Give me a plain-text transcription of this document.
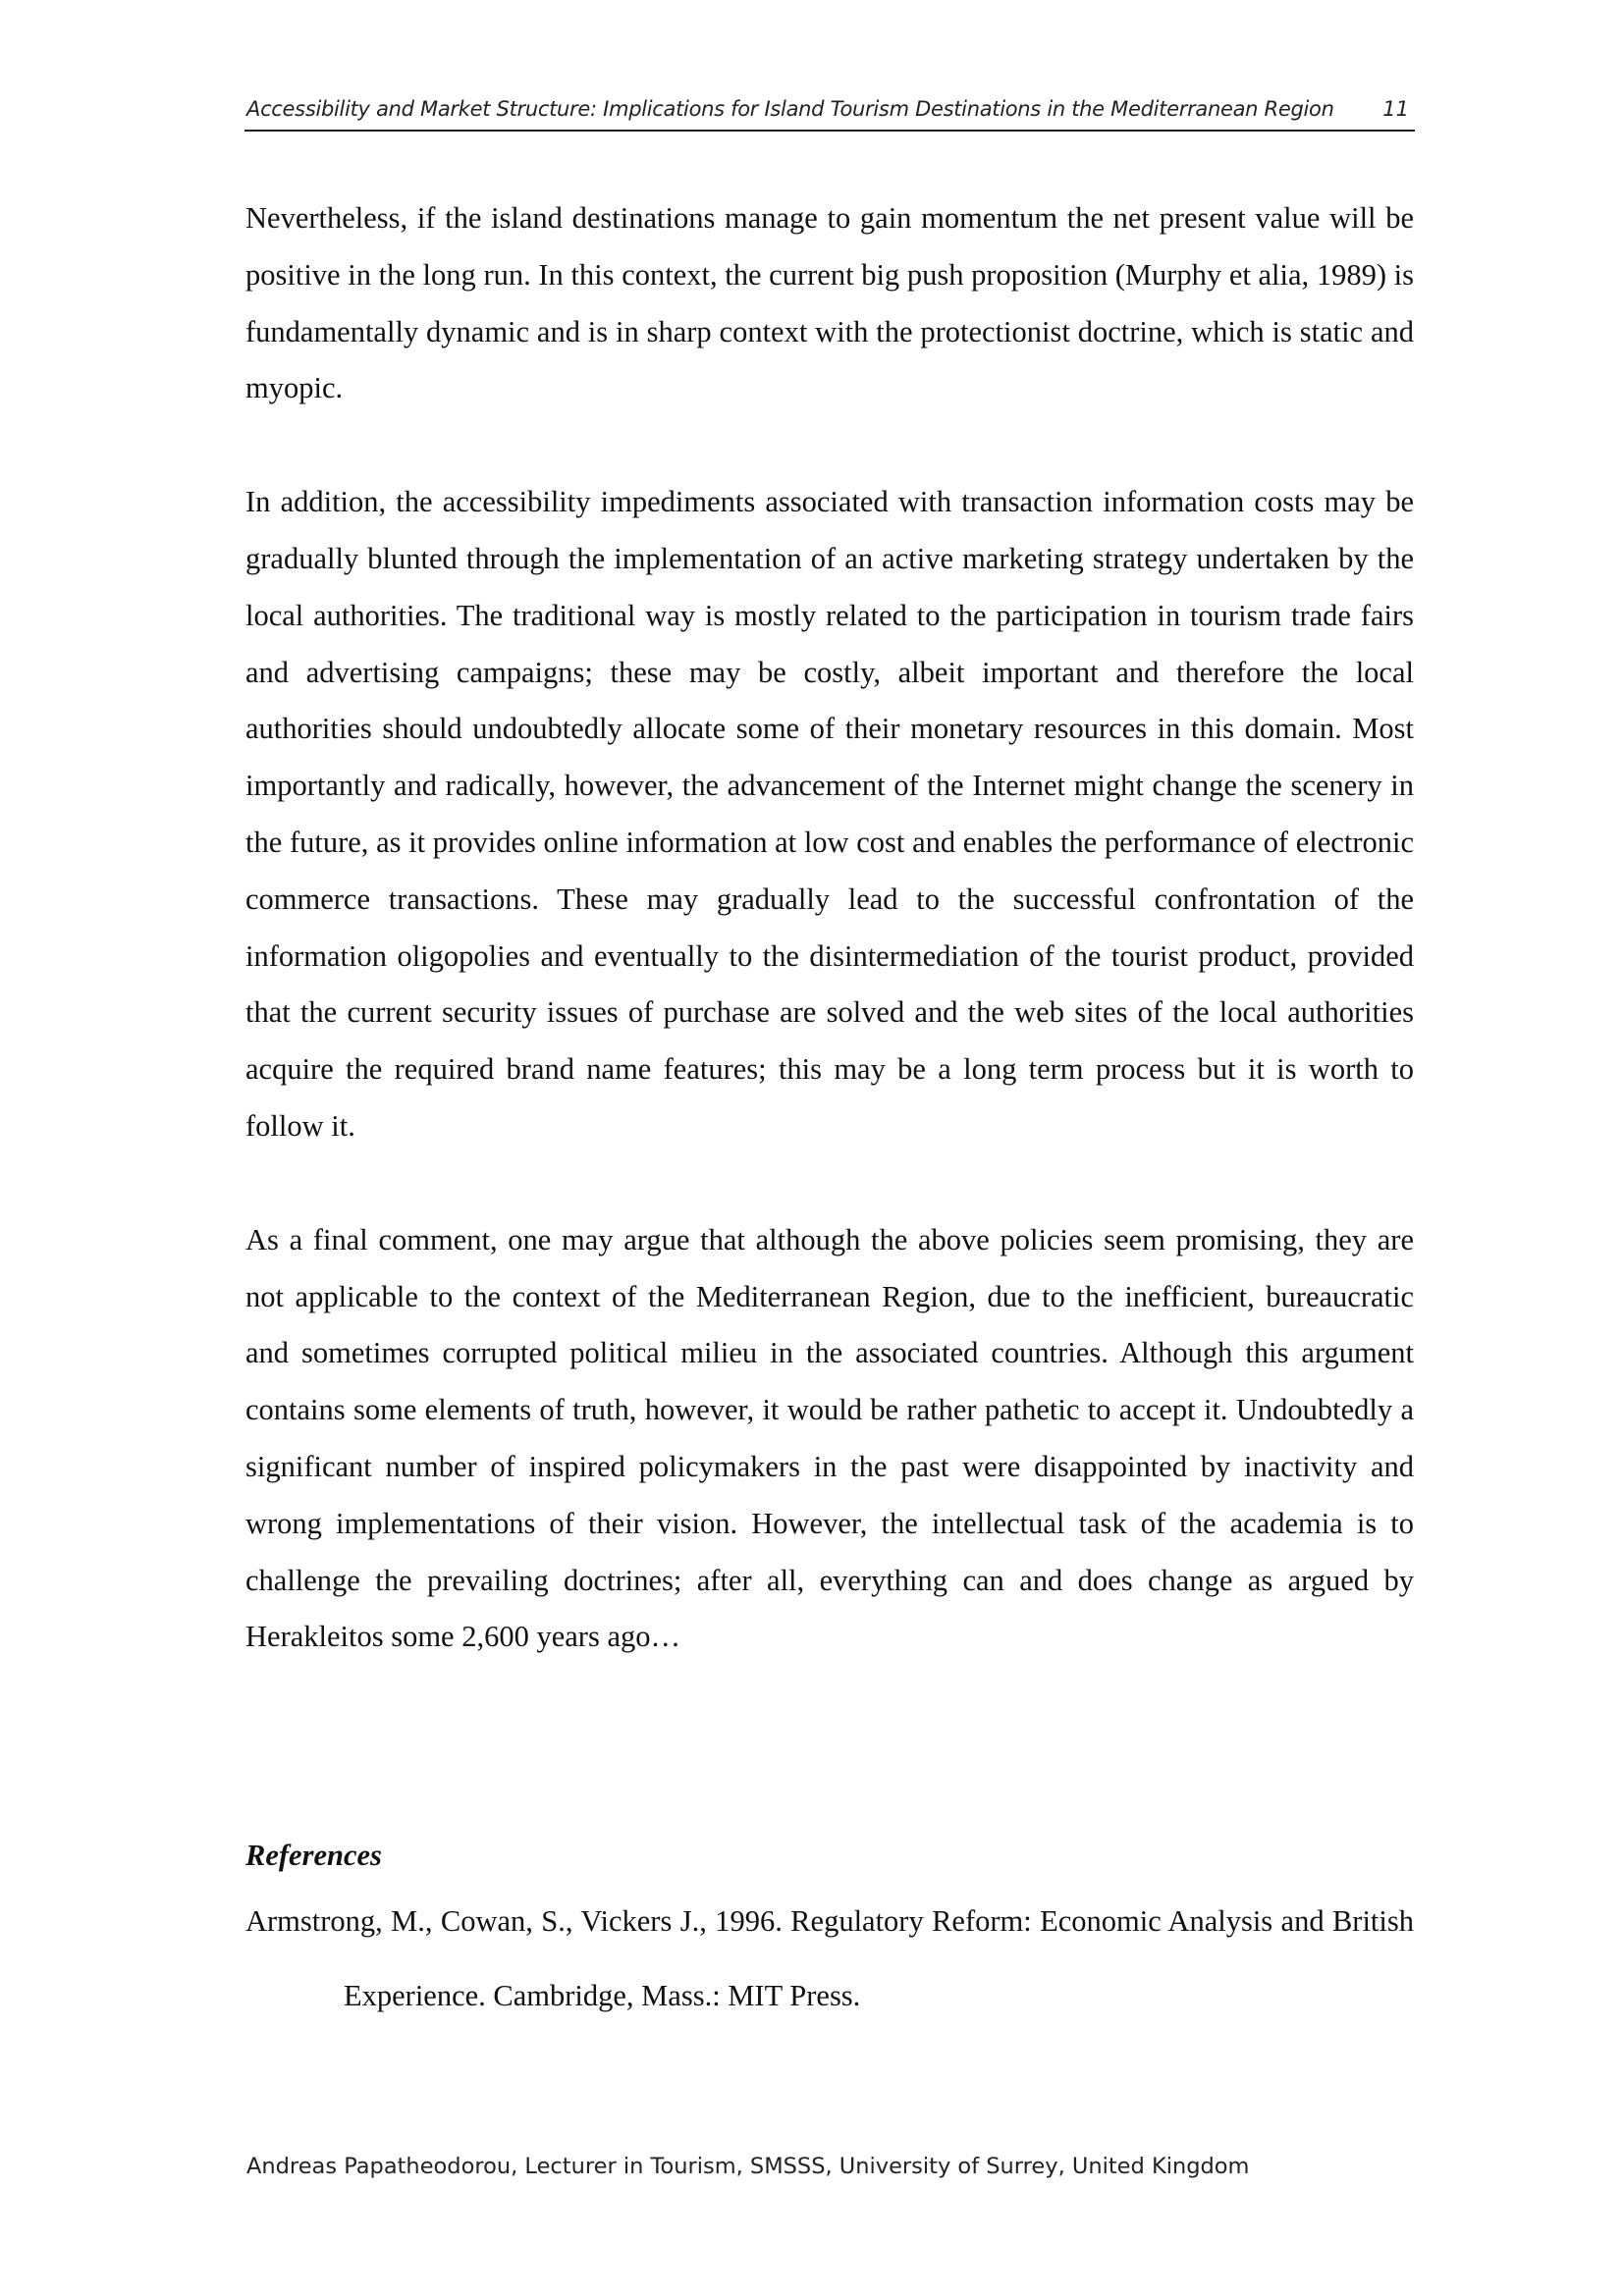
Accessibility and Market Structure: Implications for Island Tourism Destinations in the Mediterranean Region 11

Nevertheless, if the island destinations manage to gain momentum the net present value will be positive in the long run. In this context, the current big push proposition (Murphy et alia, 1989) is fundamentally dynamic and is in sharp context with the protectionist doctrine, which is static and myopic.

In addition, the accessibility impediments associated with transaction information costs may be gradually blunted through the implementation of an active marketing strategy undertaken by the local authorities. The traditional way is mostly related to the participation in tourism trade fairs and advertising campaigns; these may be costly, albeit important and therefore the local authorities should undoubtedly allocate some of their monetary resources in this domain. Most importantly and radically, however, the advancement of the Internet might change the scenery in the future, as it provides online information at low cost and enables the performance of electronic commerce transactions. These may gradually lead to the successful confrontation of the information oligopolies and eventually to the disintermediation of the tourist product, provided that the current security issues of purchase are solved and the web sites of the local authorities acquire the required brand name features; this may be a long term process but it is worth to follow it.

As a final comment, one may argue that although the above policies seem promising, they are not applicable to the context of the Mediterranean Region, due to the inefficient, bureaucratic and sometimes corrupted political milieu in the associated countries. Although this argument contains some elements of truth, however, it would be rather pathetic to accept it. Undoubtedly a significant number of inspired policymakers in the past were disappointed by inactivity and wrong implementations of their vision. However, the intellectual task of the academia is to challenge the prevailing doctrines; after all, everything can and does change as argued by Herakleitos some 2,600 years ago…

References

Armstrong, M., Cowan, S., Vickers J., 1996. Regulatory Reform: Economic Analysis and British Experience. Cambridge, Mass.: MIT Press.

Andreas Papatheodorou, Lecturer in Tourism, SMSSS, University of Surrey, United Kingdom
